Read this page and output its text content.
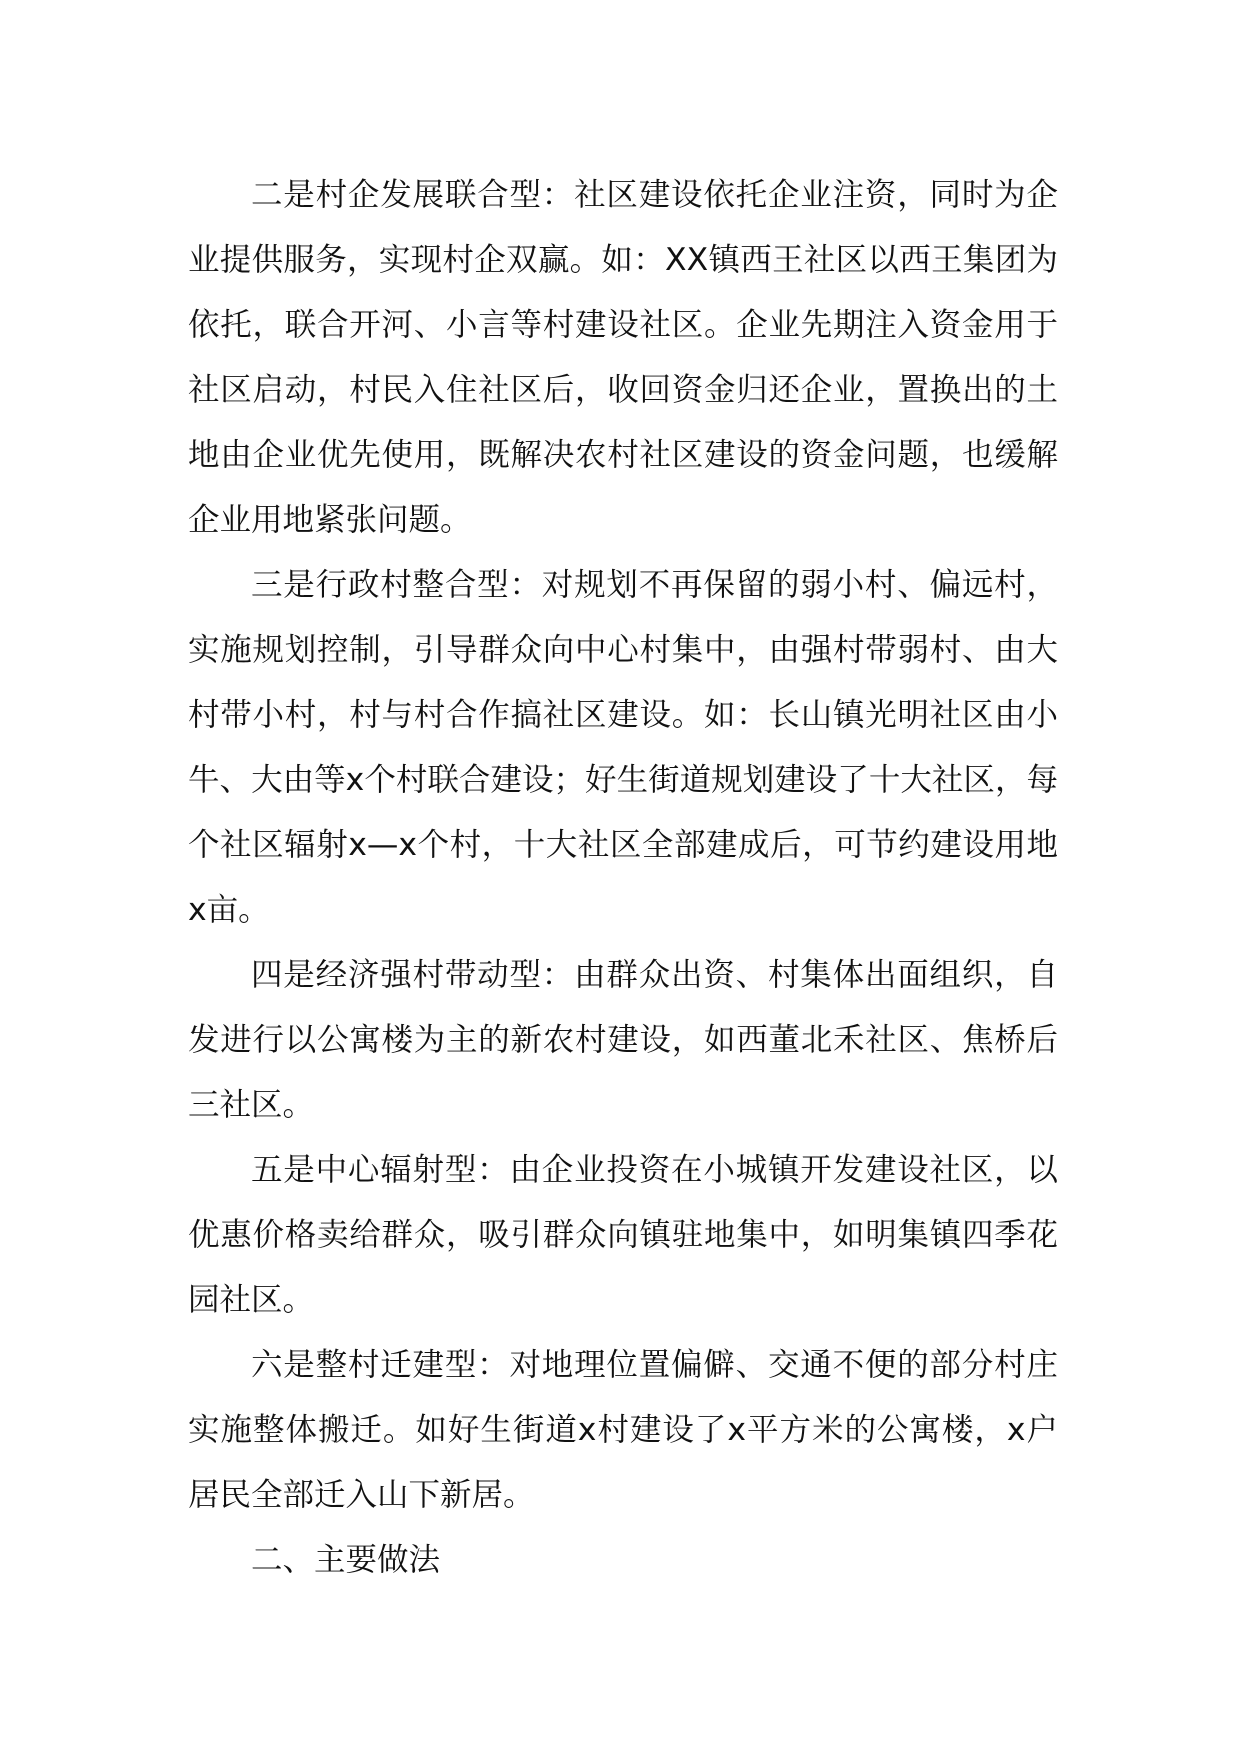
二是村企发展联合型：社区建设依托企业注资，同时为企业提供服务，实现村企双赢。如：XX镇西王社区以西王集团为依托，联合开河、小言等村建设社区。企业先期注入资金用于社区启动，村民入住社区后，收回资金归还企业，置换出的土地由企业优先使用，既解决农村社区建设的资金问题，也缓解企业用地紧张问题。

三是行政村整合型：对规划不再保留的弱小村、偏远村，实施规划控制，引导群众向中心村集中，由强村带弱村、由大村带小村，村与村合作搞社区建设。如：长山镇光明社区由小牛、大由等x个村联合建设；好生街道规划建设了十大社区，每个社区辐射x—x个村，十大社区全部建成后，可节约建设用地x亩。

四是经济强村带动型：由群众出资、村集体出面组织，自发进行以公寓楼为主的新农村建设，如西董北禾社区、焦桥后三社区。

五是中心辐射型：由企业投资在小城镇开发建设社区，以优惠价格卖给群众，吸引群众向镇驻地集中，如明集镇四季花园社区。

六是整村迁建型：对地理位置偏僻、交通不便的部分村庄实施整体搬迁。如好生街道x村建设了x平方米的公寓楼，x户居民全部迁入山下新居。

二、主要做法
